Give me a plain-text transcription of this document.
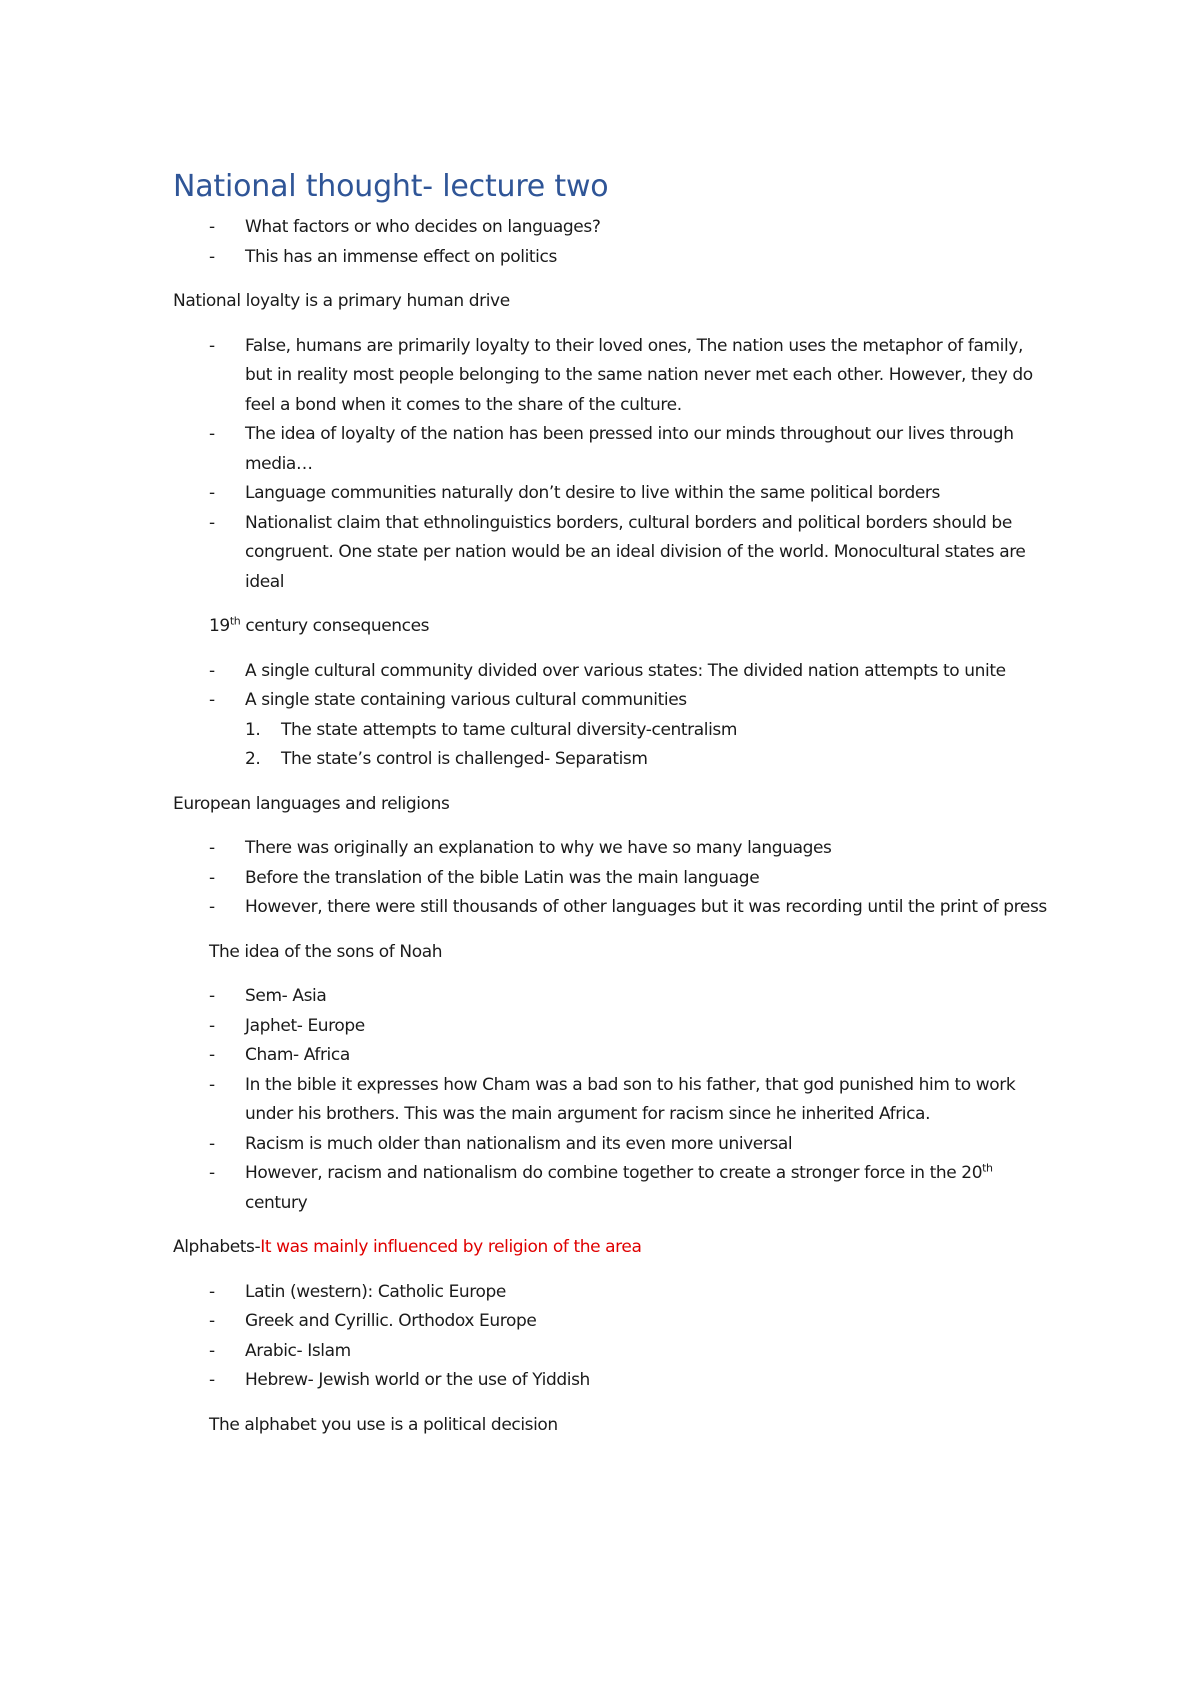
National thought- lecture two
- What factors or who decides on languages?
- This has an immense effect on politics

National loyalty is a primary human drive

- False, humans are primarily loyalty to their loved ones, The nation uses the metaphor of family, but in reality most people belonging to the same nation never met each other. However, they do feel a bond when it comes to the share of the culture.
- The idea of loyalty of the nation has been pressed into our minds throughout our lives through media…
- Language communities naturally don’t desire to live within the same political borders
- Nationalist claim that ethnolinguistics borders, cultural borders and political borders should be congruent. One state per nation would be an ideal division of the world. Monocultural states are ideal

19th century consequences

- A single cultural community divided over various states: The divided nation attempts to unite
- A single state containing various cultural communities
1. The state attempts to tame cultural diversity-centralism
2. The state’s control is challenged- Separatism

European languages and religions

- There was originally an explanation to why we have so many languages
- Before the translation of the bible Latin was the main language
- However, there were still thousands of other languages but it was recording until the print of press

The idea of the sons of Noah

- Sem- Asia
- Japhet- Europe
- Cham- Africa
- In the bible it expresses how Cham was a bad son to his father, that god punished him to work under his brothers. This was the main argument for racism since he inherited Africa.
- Racism is much older than nationalism and its even more universal
- However, racism and nationalism do combine together to create a stronger force in the 20th century

Alphabets-It was mainly influenced by religion of the area

- Latin (western): Catholic Europe
- Greek and Cyrillic. Orthodox Europe
- Arabic- Islam
- Hebrew- Jewish world or the use of Yiddish

The alphabet you use is a political decision
